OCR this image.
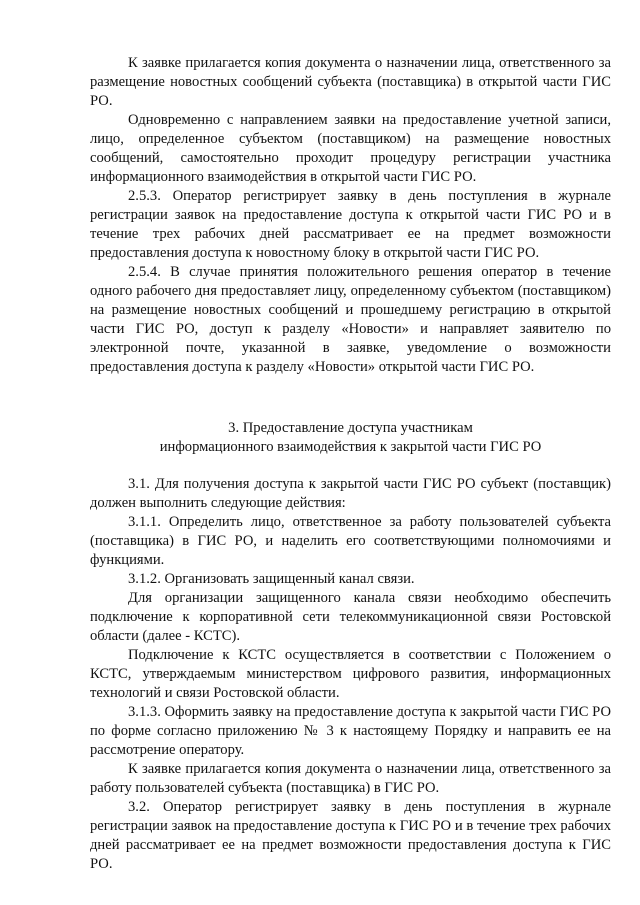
К заявке прилагается копия документа о назначении лица, ответственного за размещение новостных сообщений субъекта (поставщика) в открытой части ГИС РО.

Одновременно с направлением заявки на предоставление учетной записи, лицо, определенное субъектом (поставщиком) на размещение новостных сообщений, самостоятельно проходит процедуру регистрации участника информационного взаимодействия в открытой части ГИС РО.

2.5.3. Оператор регистрирует заявку в день поступления в журнале регистрации заявок на предоставление доступа к открытой части ГИС РО и в течение трех рабочих дней рассматривает ее на предмет возможности предоставления доступа к новостному блоку в открытой части ГИС РО.

2.5.4. В случае принятия положительного решения оператор в течение одного рабочего дня предоставляет лицу, определенному субъектом (поставщиком) на размещение новостных сообщений и прошедшему регистрацию в открытой части ГИС РО, доступ к разделу «Новости» и направляет заявителю по электронной почте, указанной в заявке, уведомление о возможности предоставления доступа к разделу «Новости» открытой части ГИС РО.

3. Предоставление доступа участникам

информационного взаимодействия к закрытой части ГИС РО

3.1. Для получения доступа к закрытой части ГИС РО субъект (поставщик) должен выполнить следующие действия:

3.1.1. Определить лицо, ответственное за работу пользователей субъекта (поставщика) в ГИС РО, и наделить его соответствующими полномочиями и функциями.

3.1.2. Организовать защищенный канал связи.

Для организации защищенного канала связи необходимо обеспечить подключение к корпоративной сети телекоммуникационной связи Ростовской области (далее - КСТС).

Подключение к КСТС осуществляется в соответствии с Положением о КСТС, утверждаемым министерством цифрового развития, информационных технологий и связи Ростовской области.

3.1.3. Оформить заявку на предоставление доступа к закрытой части ГИС РО по форме согласно приложению № 3 к настоящему Порядку и направить ее на рассмотрение оператору.

К заявке прилагается копия документа о назначении лица, ответственного за работу пользователей субъекта (поставщика) в ГИС РО.

3.2. Оператор регистрирует заявку в день поступления в журнале регистрации заявок на предоставление доступа к ГИС РО и в течение трех рабочих дней рассматривает ее на предмет возможности предоставления доступа к ГИС РО.
